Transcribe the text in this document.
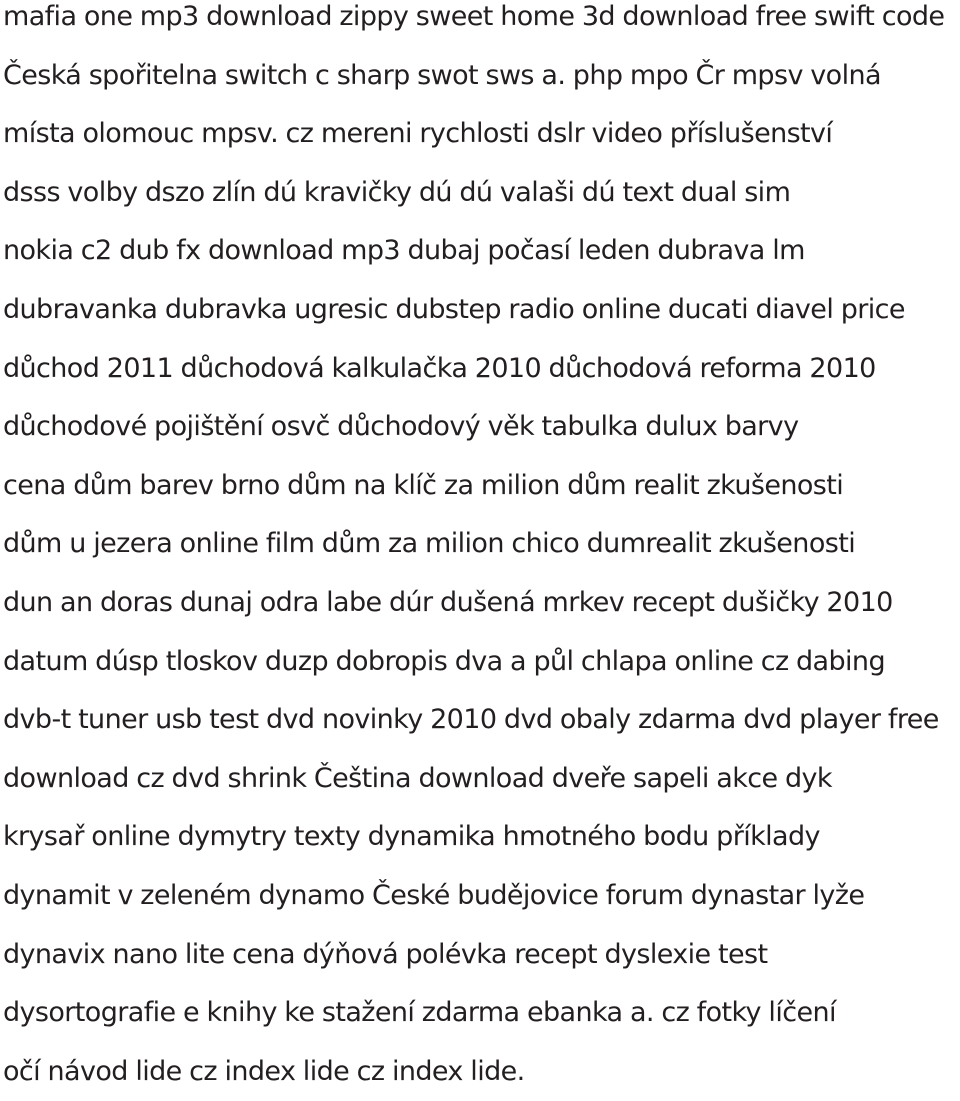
mafia one mp3 download zippy sweet home 3d download free swift code

Česká spořitelna switch c sharp swot sws a. php mpo Čr mpsv volná

místa olomouc mpsv. cz mereni rychlosti dslr video příslušenství

dsss volby dszo zlín dú kravičky dú dú valaši dú text dual sim

nokia c2 dub fx download mp3 dubaj počasí leden dubrava lm

dubravanka dubravka ugresic dubstep radio online ducati diavel price

důchod 2011 důchodová kalkulačka 2010 důchodová reforma 2010

důchodové pojištění osvč důchodový věk tabulka dulux barvy

cena dům barev brno dům na klíč za milion dům realit zkušenosti

dům u jezera online film dům za milion chico dumrealit zkušenosti

dun an doras dunaj odra labe dúr dušená mrkev recept dušičky 2010

datum dúsp tloskov duzp dobropis dva a půl chlapa online cz dabing

dvb-t tuner usb test dvd novinky 2010 dvd obaly zdarma dvd player free

download cz dvd shrink Čeština download dveře sapeli akce dyk

krysař online dymytry texty dynamika hmotného bodu příklady

dynamit v zeleném dynamo České budějovice forum dynastar lyže

dynavix nano lite cena dýňová polévka recept dyslexie test

dysortografie e knihy ke stažení zdarma ebanka a. cz fotky líčení

očí návod lide cz index lide cz index lide.
